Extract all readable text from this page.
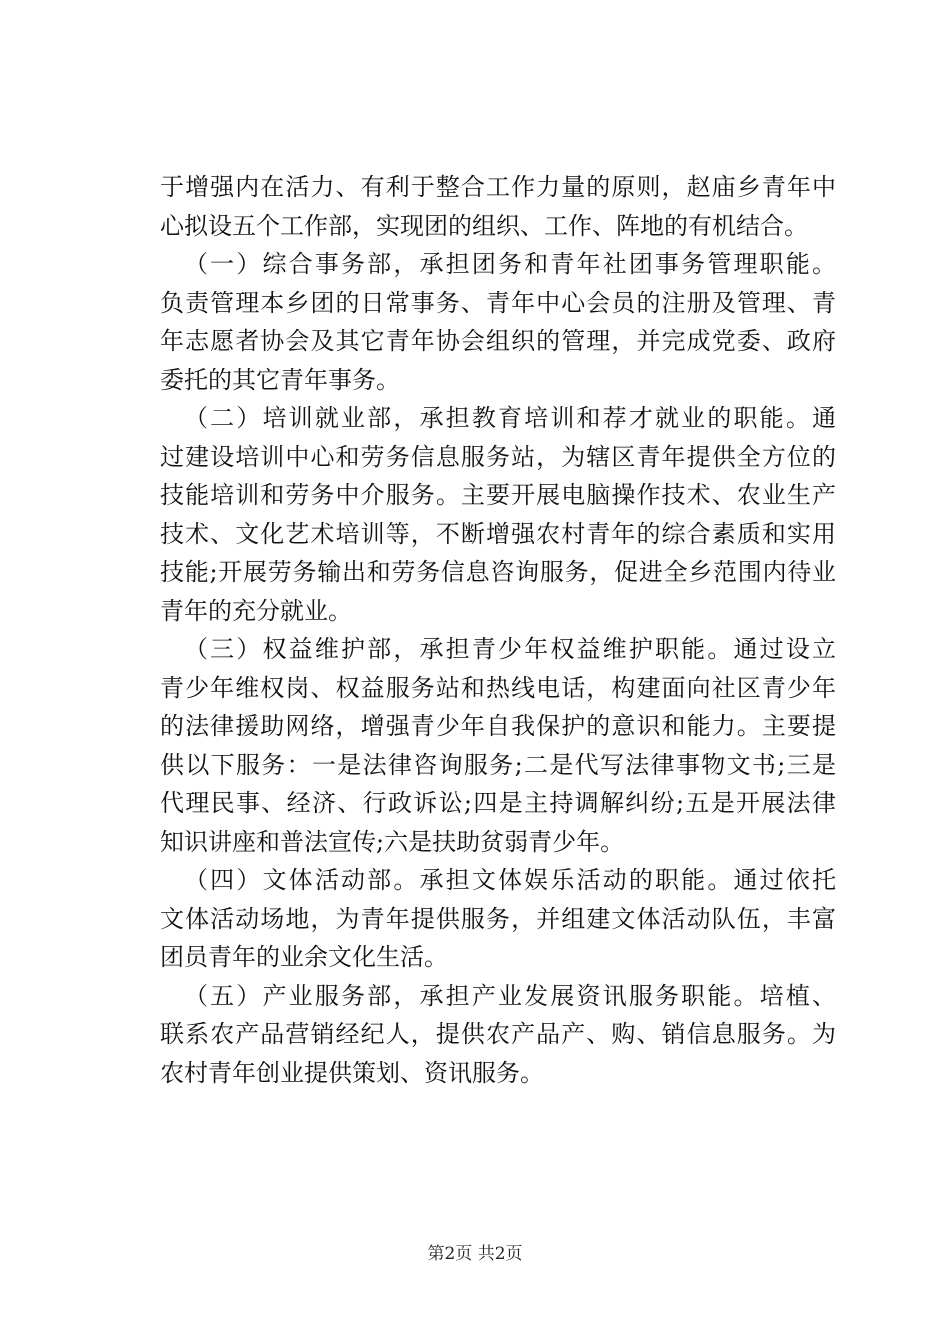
于增强内在活力、有利于整合工作力量的原则，赵庙乡青年中
心拟设五个工作部，实现团的组织、工作、阵地的有机结合。
（一）综合事务部，承担团务和青年社团事务管理职能。
负责管理本乡团的日常事务、青年中心会员的注册及管理、青
年志愿者协会及其它青年协会组织的管理，并完成党委、政府
委托的其它青年事务。
（二）培训就业部，承担教育培训和荐才就业的职能。通
过建设培训中心和劳务信息服务站，为辖区青年提供全方位的
技能培训和劳务中介服务。主要开展电脑操作技术、农业生产
技术、文化艺术培训等，不断增强农村青年的综合素质和实用
技能;开展劳务输出和劳务信息咨询服务，促进全乡范围内待业
青年的充分就业。
（三）权益维护部，承担青少年权益维护职能。通过设立
青少年维权岗、权益服务站和热线电话，构建面向社区青少年
的法律援助网络，增强青少年自我保护的意识和能力。主要提
供以下服务：一是法律咨询服务;二是代写法律事物文书;三是
代理民事、经济、行政诉讼;四是主持调解纠纷;五是开展法律
知识讲座和普法宣传;六是扶助贫弱青少年。
（四）文体活动部。承担文体娱乐活动的职能。通过依托
文体活动场地，为青年提供服务，并组建文体活动队伍，丰富
团员青年的业余文化生活。
（五）产业服务部，承担产业发展资讯服务职能。培植、
联系农产品营销经纪人，提供农产品产、购、销信息服务。为
农村青年创业提供策划、资讯服务。
第2页 共2页
